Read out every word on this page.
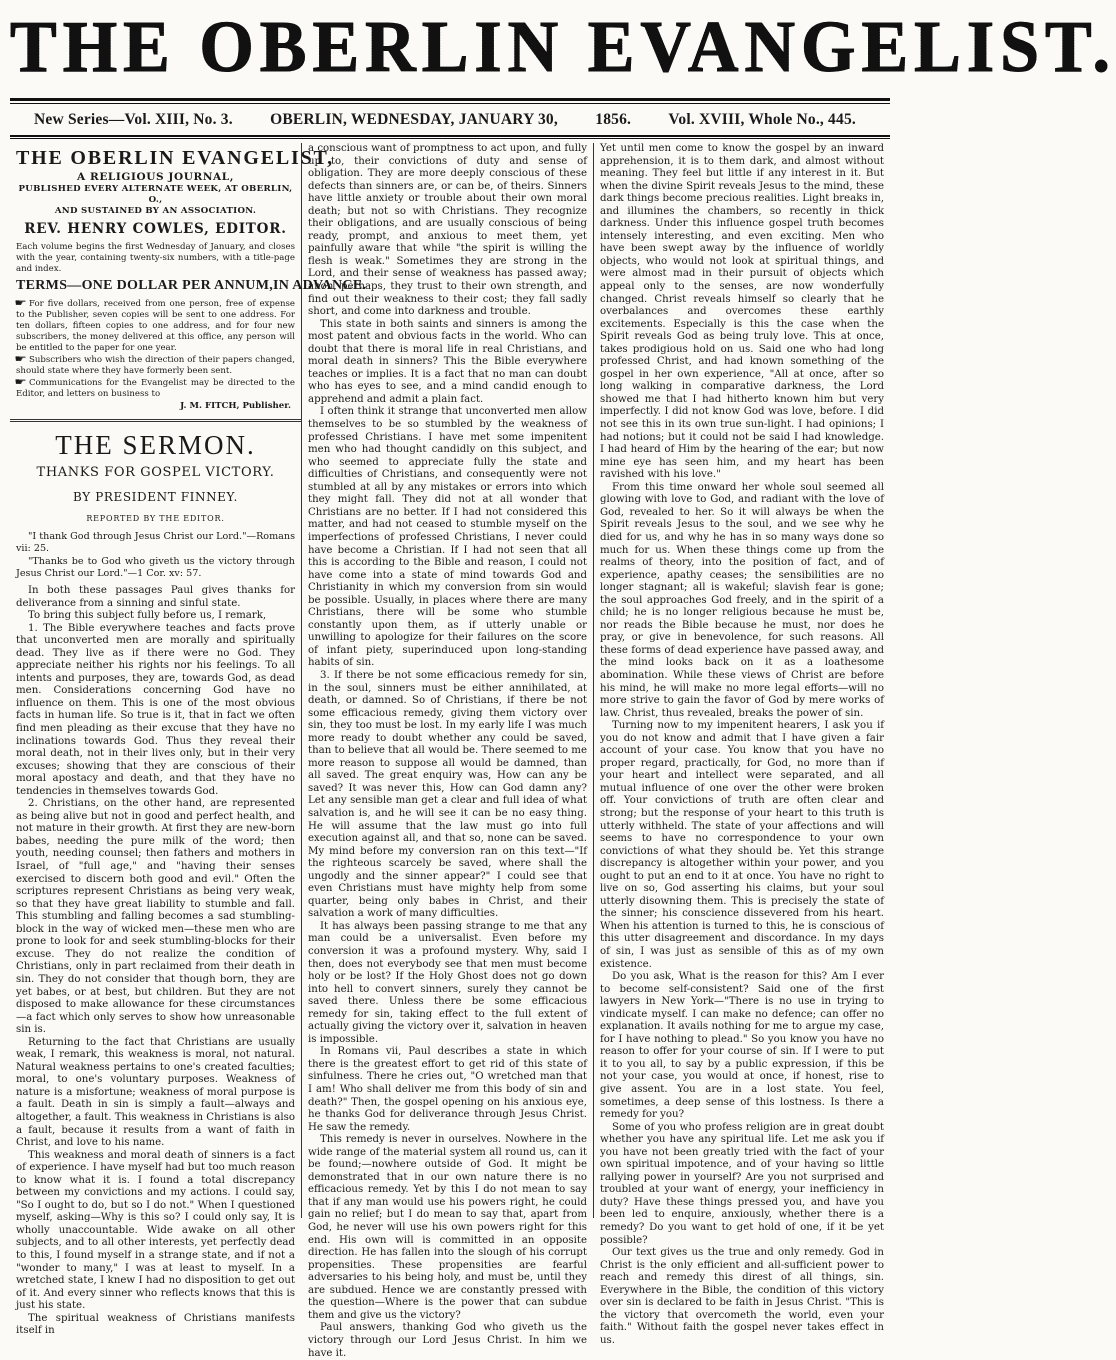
THE OBERLIN EVANGELIST.
New Series—Vol. XIII, No. 3. OBERLIN, WEDNESDAY, JANUARY 30, 1856. Vol. XVIII, Whole No., 445.
THE OBERLIN EVANGELIST,
A RELIGIOUS JOURNAL,
PUBLISHED EVERY ALTERNATE WEEK, AT OBERLIN, O.,
AND SUSTAINED BY AN ASSOCIATION.
REV. HENRY COWLES, EDITOR.

Each volume begins the first Wednesday of January, and closes with the year, containing twenty-six numbers, with a title-page and index.

TERMS—ONE DOLLAR PER ANNUM,IN ADVANCE.

☛ For five dollars, received from one person, free of expense to the Publisher, seven copies will be sent to one address. For ten dollars, fifteen copies to one address, and for four new subscribers, the money delivered at this office, any person will be entitled to the paper for one year.

☛ Subscribers who wish the direction of their papers changed, should state where they have formerly been sent.

☛ Communications for the Evangelist may be directed to the Editor, and letters on business to

J. M. FITCH, Publisher.
THE SERMON.
THANKS FOR GOSPEL VICTORY.
BY PRESIDENT FINNEY.
REPORTED BY THE EDITOR.

"I thank God through Jesus Christ our Lord."—Romans vii: 25.

"Thanks be to God who giveth us the victory through Jesus Christ our Lord."—1 Cor. xv: 57.

In both these passages Paul gives thanks for deliverance from a sinning and sinful state.

To bring this subject fully before us, I remark,

1. The Bible everywhere teaches and facts prove that unconverted men are morally and spiritually dead. They live as if there were no God. They appreciate neither his rights nor his feelings. To all intents and purposes, they are, towards God, as dead men. Considerations concerning God have no influence on them. This is one of the most obvious facts in human life. So true is it, that in fact we often find men pleading as their excuse that they have no inclinations towards God. Thus they reveal their moral death, not in their lives only, but in their very excuses; showing that they are conscious of their moral apostacy and death, and that they have no tendencies in themselves towards God.

2. Christians, on the other hand, are represented as being alive but not in good and perfect health, and not mature in their growth. At first they are new-born babes, needing the pure milk of the word; then youth, needing counsel; then fathers and mothers in Israel, of "full age," and "having their senses exercised to discern both good and evil." Often the scriptures represent Christians as being very weak, so that they have great liability to stumble and fall. This stumbling and falling becomes a sad stumbling-block in the way of wicked men—these men who are prone to look for and seek stumbling-blocks for their excuse. They do not realize the condition of Christians, only in part reclaimed from their death in sin. They do not consider that though born, they are yet babes, or at best, but children. But they are not disposed to make allowance for these circumstances—a fact which only serves to show how unreasonable sin is.

Returning to the fact that Christians are usually weak, I remark, this weakness is moral, not natural. Natural weakness pertains to one's created faculties; moral, to one's voluntary purposes. Weakness of nature is a misfortune; weakness of moral purpose is a fault. Death in sin is simply a fault—always and altogether, a fault. This weakness in Christians is also a fault, because it results from a want of faith in Christ, and love to his name.

This weakness and moral death of sinners is a fact of experience. I have myself had but too much reason to know what it is. I found a total discrepancy between my convictions and my actions. I could say, "So I ought to do, but so I do not." When I questioned myself, asking—Why is this so? I could only say, It is wholly unaccountable. Wide awake on all other subjects, and to all other interests, yet perfectly dead to this, I found myself in a strange state, and if not a "wonder to many," I was at least to myself. In a wretched state, I knew I had no disposition to get out of it. And every sinner who reflects knows that this is just his state.

The spiritual weakness of Christians manifests itself in

a conscious want of promptness to act upon, and fully up to, their convictions of duty and sense of obligation. They are more deeply conscious of these defects than sinners are, or can be, of theirs. Sinners have little anxiety or trouble about their own moral death; but not so with Christians. They recognize their obligations, and are usually conscious of being ready, prompt, and anxious to meet them, yet painfully aware that while "the spirit is willing the flesh is weak." Sometimes they are strong in the Lord, and their sense of weakness has passed away; anon, perhaps, they trust to their own strength, and find out their weakness to their cost; they fall sadly short, and come into darkness and trouble.

This state in both saints and sinners is among the most patent and obvious facts in the world. Who can doubt that there is moral life in real Christians, and moral death in sinners? This the Bible everywhere teaches or implies. It is a fact that no man can doubt who has eyes to see, and a mind candid enough to apprehend and admit a plain fact.

I often think it strange that unconverted men allow themselves to be so stumbled by the weakness of professed Christians. I have met some impenitent men who had thought candidly on this subject, and who seemed to appreciate fully the state and difficulties of Christians, and consequently were not stumbled at all by any mistakes or errors into which they might fall. They did not at all wonder that Christians are no better. If I had not considered this matter, and had not ceased to stumble myself on the imperfections of professed Christians, I never could have become a Christian. If I had not seen that all this is according to the Bible and reason, I could not have come into a state of mind towards God and Christianity in which my conversion from sin would be possible. Usually, in places where there are many Christians, there will be some who stumble constantly upon them, as if utterly unable or unwilling to apologize for their failures on the score of infant piety, superinduced upon long-standing habits of sin.

3. If there be not some efficacious remedy for sin, in the soul, sinners must be either annihilated, at death, or damned. So of Christians, if there be not some efficacious remedy, giving them victory over sin, they too must be lost. In my early life I was much more ready to doubt whether any could be saved, than to believe that all would be. There seemed to me more reason to suppose all would be damned, than all saved. The great enquiry was, How can any be saved? It was never this, How can God damn any? Let any sensible man get a clear and full idea of what salvation is, and he will see it can be no easy thing. He will assume that the law must go into full execution against all, and that so, none can be saved. My mind before my conversion ran on this text—"If the righteous scarcely be saved, where shall the ungodly and the sinner appear?" I could see that even Christians must have mighty help from some quarter, being only babes in Christ, and their salvation a work of many difficulties.

It has always been passing strange to me that any man could be a universalist. Even before my conversion it was a profound mystery. Why, said I then, does not everybody see that men must become holy or be lost? If the Holy Ghost does not go down into hell to convert sinners, surely they cannot be saved there. Unless there be some efficacious remedy for sin, taking effect to the full extent of actually giving the victory over it, salvation in heaven is impossible.

In Romans vii, Paul describes a state in which there is the greatest effort to get rid of this state of sinfulness. There he cries out, "O wretched man that I am! Who shall deliver me from this body of sin and death?" Then, the gospel opening on his anxious eye, he thanks God for deliverance through Jesus Christ. He saw the remedy.

This remedy is never in ourselves. Nowhere in the wide range of the material system all round us, can it be found;—nowhere outside of God. It might be demonstrated that in our own nature there is no efficacious remedy. Yet by this I do not mean to say that if any man would use his powers right, he could gain no relief; but I do mean to say that, apart from God, he never will use his own powers right for this end. His own will is committed in an opposite direction. He has fallen into the slough of his corrupt propensities. These propensities are fearful adversaries to his being holy, and must be, until they are subdued. Hence we are constantly pressed with the question—Where is the power that can subdue them and give us the victory?

Paul answers, thanking God who giveth us the victory through our Lord Jesus Christ. In him we have it.

Yet until men come to know the gospel by an inward apprehension, it is to them dark, and almost without meaning. They feel but little if any interest in it. But when the divine Spirit reveals Jesus to the mind, these dark things become precious realities. Light breaks in, and illumines the chambers, so recently in thick darkness. Under this influence gospel truth becomes intensely interesting, and even exciting. Men who have been swept away by the influence of worldly objects, who would not look at spiritual things, and were almost mad in their pursuit of objects which appeal only to the senses, are now wonderfully changed. Christ reveals himself so clearly that he overbalances and overcomes these earthly excitements. Especially is this the case when the Spirit reveals God as being truly love. This at once, takes prodigious hold on us. Said one who had long professed Christ, and had known something of the gospel in her own experience, "All at once, after so long walking in comparative darkness, the Lord showed me that I had hitherto known him but very imperfectly. I did not know God was love, before. I did not see this in its own true sun-light. I had opinions; I had notions; but it could not be said I had knowledge. I had heard of Him by the hearing of the ear; but now mine eye has seen him, and my heart has been ravished with his love."

From this time onward her whole soul seemed all glowing with love to God, and radiant with the love of God, revealed to her. So it will always be when the Spirit reveals Jesus to the soul, and we see why he died for us, and why he has in so many ways done so much for us. When these things come up from the realms of theory, into the position of fact, and of experience, apathy ceases; the sensibilities are no longer stagnant; all is wakeful; slavish fear is gone; the soul approaches God freely, and in the spirit of a child; he is no longer religious because he must be, nor reads the Bible because he must, nor does he pray, or give in benevolence, for such reasons. All these forms of dead experience have passed away, and the mind looks back on it as a loathesome abomination. While these views of Christ are before his mind, he will make no more legal efforts—will no more strive to gain the favor of God by mere works of law. Christ, thus revealed, breaks the power of sin.

Turning now to my impenitent hearers, I ask you if you do not know and admit that I have given a fair account of your case. You know that you have no proper regard, practically, for God, no more than if your heart and intellect were separated, and all mutual influence of one over the other were broken off. Your convictions of truth are often clear and strong; but the response of your heart to this truth is utterly withheld. The state of your affections and will seems to have no correspondence to your own convictions of what they should be. Yet this strange discrepancy is altogether within your power, and you ought to put an end to it at once. You have no right to live on so, God asserting his claims, but your soul utterly disowning them. This is precisely the state of the sinner; his conscience dissevered from his heart. When his attention is turned to this, he is conscious of this utter disagreement and discordance. In my days of sin, I was just as sensible of this as of my own existence.

Do you ask, What is the reason for this? Am I ever to become self-consistent? Said one of the first lawyers in New York—"There is no use in trying to vindicate myself. I can make no defence; can offer no explanation. It avails nothing for me to argue my case, for I have nothing to plead." So you know you have no reason to offer for your course of sin. If I were to put it to you all, to say by a public expression, if this be not your case, you would at once, if honest, rise to give assent. You are in a lost state. You feel, sometimes, a deep sense of this lostness. Is there a remedy for you?

Some of you who profess religion are in great doubt whether you have any spiritual life. Let me ask you if you have not been greatly tried with the fact of your own spiritual impotence, and of your having so little rallying power in yourself? Are you not surprised and troubled at your want of energy, your inefficiency in duty? Have these things pressed you, and have you been led to enquire, anxiously, whether there is a remedy? Do you want to get hold of one, if it be yet possible?

Our text gives us the true and only remedy. God in Christ is the only efficient and all-sufficient power to reach and remedy this direst of all things, sin. Everywhere in the Bible, the condition of this victory over sin is declared to be faith in Jesus Christ. "This is the victory that overcometh the world, even your faith." Without faith the gospel never takes effect in us.
